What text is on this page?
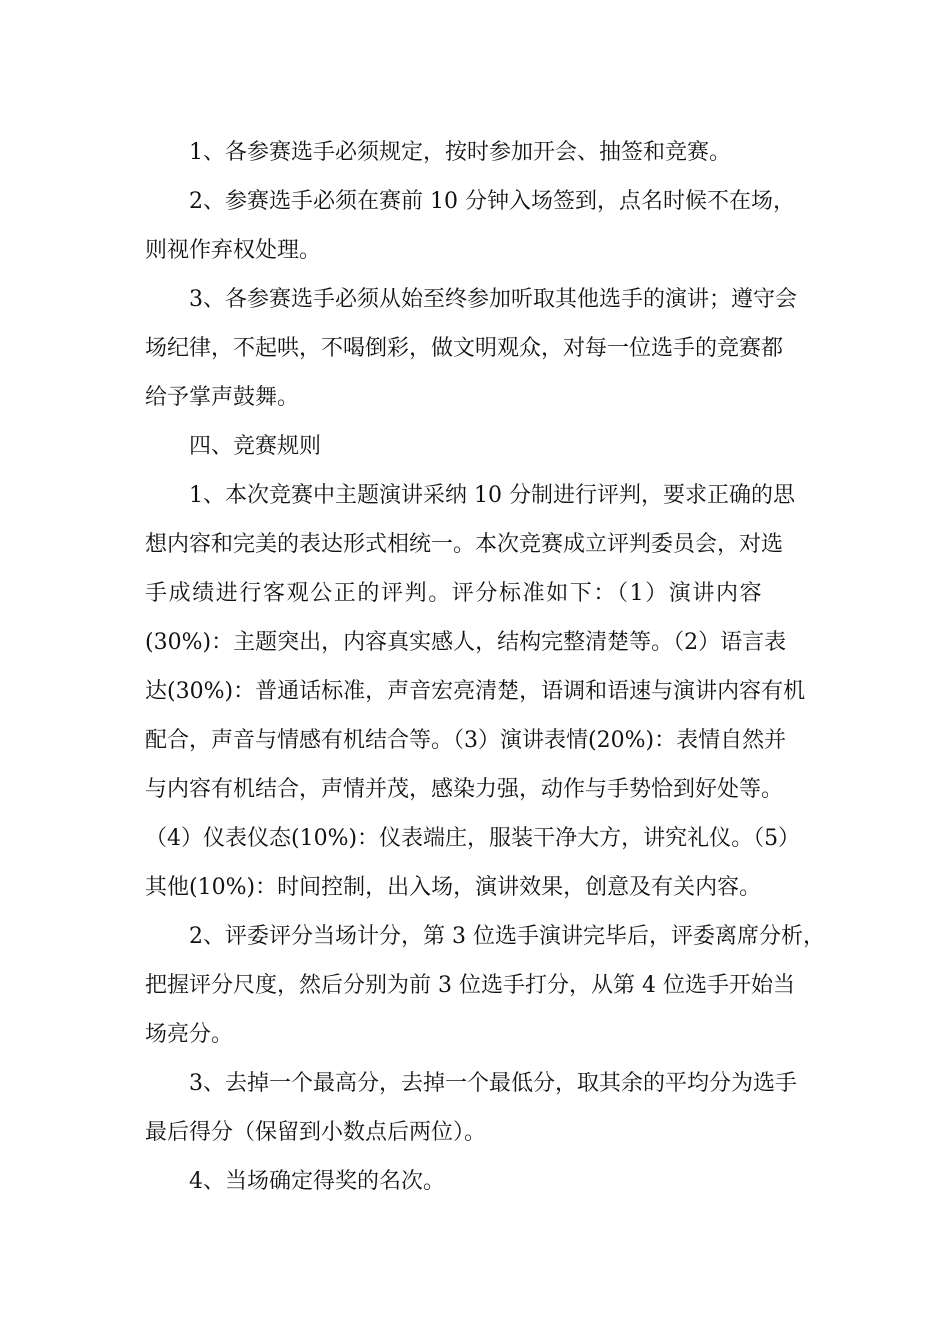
1、各参赛选手必须规定，按时参加开会、抽签和竞赛。

2、参赛选手必须在赛前 10 分钟入场签到，点名时候不在场，
则视作弃权处理。

3、各参赛选手必须从始至终参加听取其他选手的演讲；遵守会
场纪律，不起哄，不喝倒彩，做文明观众，对每一位选手的竞赛都
给予掌声鼓舞。

四、竞赛规则

1、本次竞赛中主题演讲采纳 10 分制进行评判，要求正确的思
想内容和完美的表达形式相统一。本次竞赛成立评判委员会，对选
手成绩进行客观公正的评判。评分标准如下：（1）演讲内容
(30%)：主题突出，内容真实感人，结构完整清楚等。（2）语言表
达(30%)：普通话标准，声音宏亮清楚，语调和语速与演讲内容有机
配合，声音与情感有机结合等。（3）演讲表情(20%)：表情自然并
与内容有机结合，声情并茂，感染力强，动作与手势恰到好处等。
（4）仪表仪态(10%)：仪表端庄，服装干净大方，讲究礼仪。（5）
其他(10%)：时间控制，出入场，演讲效果，创意及有关内容。

2、评委评分当场计分，第 3 位选手演讲完毕后，评委离席分析，
把握评分尺度，然后分别为前 3 位选手打分，从第 4 位选手开始当
场亮分。

3、去掉一个最高分，去掉一个最低分，取其余的平均分为选手
最后得分（保留到小数点后两位）。

4、当场确定得奖的名次。
